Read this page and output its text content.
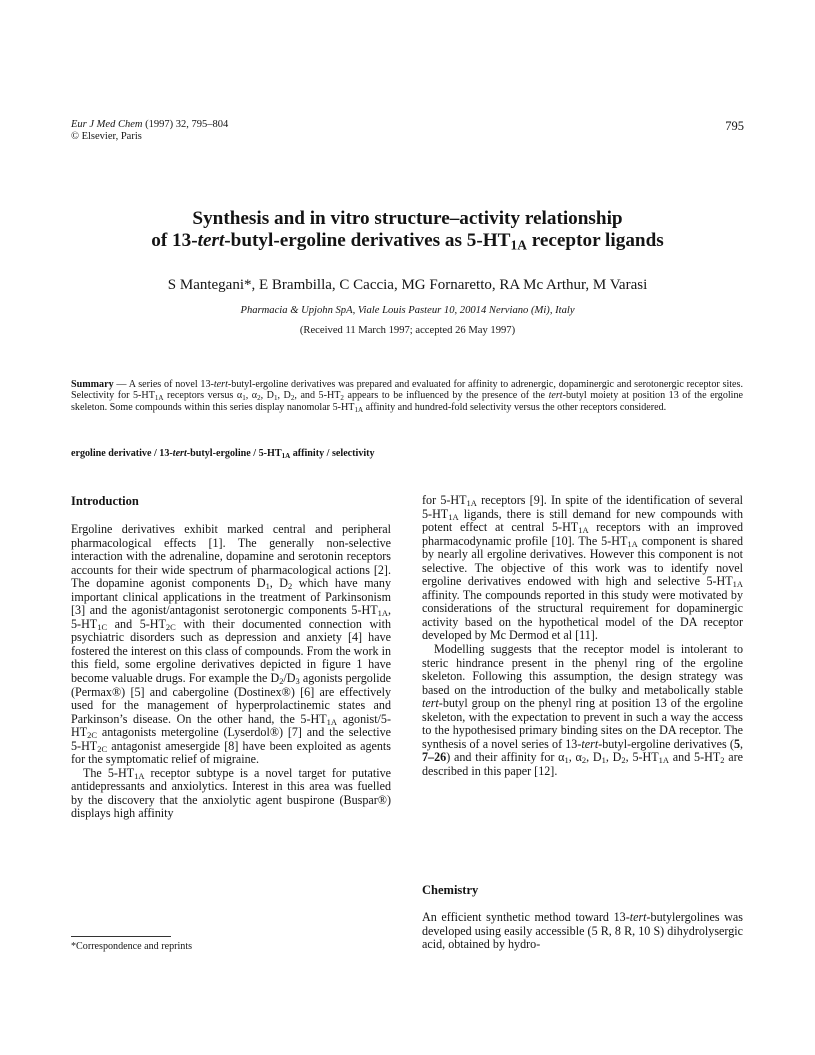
Eur J Med Chem (1997) 32, 795–804
© Elsevier, Paris
795
Synthesis and in vitro structure–activity relationship
of 13-tert-butyl-ergoline derivatives as $5-HT_{1A}$ receptor ligands
S Mantegani*, E Brambilla, C Caccia, MG Fornaretto, RA Mc Arthur, M Varasi
Pharmacia & Upjohn SpA, Viale Louis Pasteur 10, 20014 Nerviano (Mi), Italy
(Received 11 March 1997; accepted 26 May 1997)
Summary — A series of novel 13-tert-butyl-ergoline derivatives was prepared and evaluated for affinity to adrenergic, dopaminergic and serotonergic receptor sites. Selectivity for $5-HT_{1A}$ receptors versus $\alpha_1$, $\alpha_2$, $D_1$, $D_2$, and $5-HT_2$ appears to be influenced by the presence of the tert-butyl moiety at position 13 of the ergoline skeleton. Some compounds within this series display nanomolar $5-HT_{1A}$ affinity and hundred-fold selectivity versus the other receptors considered.
ergoline derivative / 13-tert-butyl-ergoline / $5-HT_{1A}$ affinity / selectivity
Introduction

Ergoline derivatives exhibit marked central and peripheral pharmacological effects [1]. The generally non-selective interaction with the adrenaline, dopamine and serotonin receptors accounts for their wide spectrum of pharmacological actions [2]. The dopamine agonist components $D_1$, $D_2$ which have many important clinical applications in the treatment of Parkinsonism [3] and the agonist/antagonist serotonergic components $5-HT_{1A}$, $5-HT_{1C}$ and $5-HT_{2C}$ with their documented connection with psychiatric disorders such as depression and anxiety [4] have fostered the interest on this class of compounds. From the work in this field, some ergoline derivatives depicted in figure 1 have become valuable drugs. For example the $D_2/D_3$ agonists pergolide (Permax®) [5] and cabergoline (Dostinex®) [6] are effectively used for the management of hyperprolactinemic states and Parkinson’s disease. On the other hand, the $5-HT_{1A}$ agonist/$5-HT_{2C}$ antagonists metergoline (Lyserdol®) [7] and the selective $5-HT_{2C}$ antagonist amesergide [8] have been exploited as agents for the symptomatic relief of migraine.

The $5-HT_{1A}$ receptor subtype is a novel target for putative antidepressants and anxiolytics. Interest in this area was fuelled by the discovery that the anxiolytic agent buspirone (Buspar®) displays high affinity

*Correspondence and reprints

for $5-HT_{1A}$ receptors [9]. In spite of the identification of several $5-HT_{1A}$ ligands, there is still demand for new compounds with potent effect at central $5-HT_{1A}$ receptors with an improved pharmacodynamic profile [10]. The $5-HT_{1A}$ component is shared by nearly all ergoline derivatives. However this component is not selective. The objective of this work was to identify novel ergoline derivatives endowed with high and selective $5-HT_{1A}$ affinity. The compounds reported in this study were motivated by considerations of the structural requirement for dopaminergic activity based on the hypothetical model of the DA receptor developed by Mc Dermod et al [11].

Modelling suggests that the receptor model is intolerant to steric hindrance present in the phenyl ring of the ergoline skeleton. Following this assumption, the design strategy was based on the introduction of the bulky and metabolically stable tert-butyl group on the phenyl ring at position 13 of the ergoline skeleton, with the expectation to prevent in such a way the access to the hypothesised primary binding sites on the DA receptor. The synthesis of a novel series of 13-tert-butyl-ergoline derivatives (5, 7–26) and their affinity for $\alpha_1$, $\alpha_2$, $D_1$, $D_2$, $5-HT_{1A}$ and $5-HT_2$ are described in this paper [12].

Chemistry

An efficient synthetic method toward 13-tert-butylergolines was developed using easily accessible (5 R, 8 R, 10 S) dihydrolysergic acid, obtained by hydro-
